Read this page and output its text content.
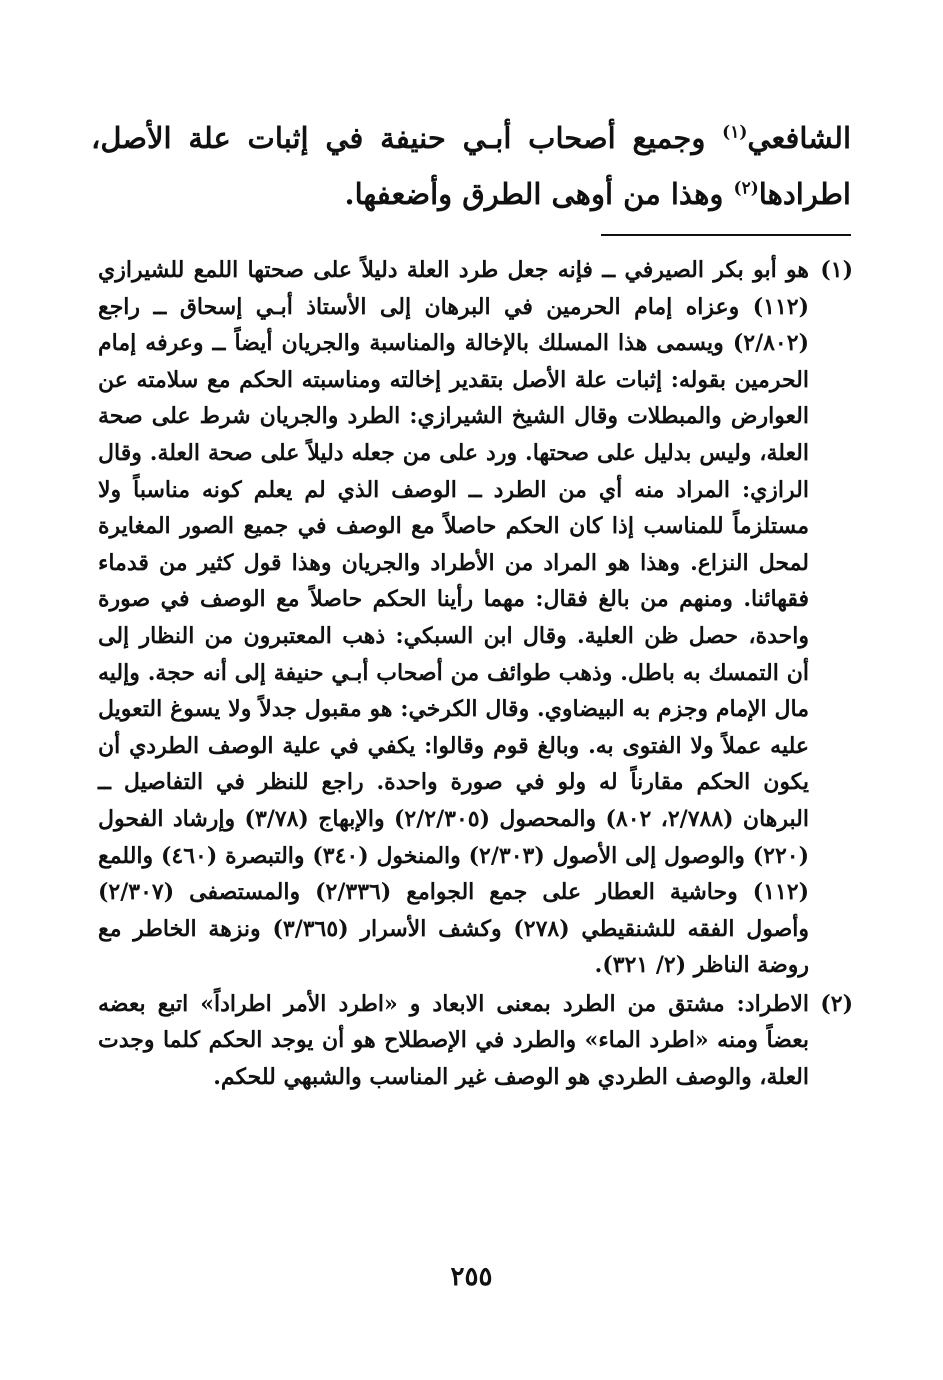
الشافعي$^{(١)}$ وجميع أصحاب أبـي حنيفة في إثبات علة الأصل، اطرادها$^{(٢)}$ وهذا من أوهى الطرق وأضعفها.
(١)
هو أبو بكر الصيرفي ــ فإنه جعل طرد العلة دليلاً على صحتها اللمع للشيرازي (١١٢) وعزاه إمام الحرمين في البرهان إلى الأستاذ أبـي إسحاق ــ راجع (٢/٨٠٢) ويسمى هذا المسلك بالإخالة والمناسبة والجريان أيضاً ــ وعرفه إمام الحرمين بقوله: إثبات علة الأصل بتقدير إخالته ومناسبته الحكم مع سلامته عن العوارض والمبطلات وقال الشيخ الشيرازي: الطرد والجريان شرط على صحة العلة، وليس بدليل على صحتها. ورد على من جعله دليلاً على صحة العلة. وقال الرازي: المراد منه أي من الطرد ــ الوصف الذي لم يعلم كونه مناسباً ولا مستلزماً للمناسب إذا كان الحكم حاصلاً مع الوصف في جميع الصور المغايرة لمحل النزاع. وهذا هو المراد من الأطراد والجريان وهذا قول كثير من قدماء فقهائنا. ومنهم من بالغ فقال: مهما رأينا الحكم حاصلاً مع الوصف في صورة واحدة، حصل ظن العلية. وقال ابن السبكي: ذهب المعتبرون من النظار إلى أن التمسك به باطل. وذهب طوائف من أصحاب أبـي حنيفة إلى أنه حجة. وإليه مال الإمام وجزم به البيضاوي. وقال الكرخي: هو مقبول جدلاً ولا يسوغ التعويل عليه عملاً ولا الفتوى به. وبالغ قوم وقالوا: يكفي في علية الوصف الطردي أن يكون الحكم مقارناً له ولو في صورة واحدة. راجع للنظر في التفاصيل ــ البرهان (٢/٧٨٨، ٨٠٢) والمحصول (٢/٢/٣٠٥) والإبهاج (٣/٧٨) وإرشاد الفحول (٢٢٠) والوصول إلى الأصول (٢/٣٠٣) والمنخول (٣٤٠) والتبصرة (٤٦٠) واللمع (١١٢) وحاشية العطار على جمع الجوامع (٢/٣٣٦) والمستصفى (٢/٣٠٧) وأصول الفقه للشنقيطي (٢٧٨) وكشف الأسرار (٣/٣٦٥) ونزهة الخاطر مع روضة الناظر (٢/ ٣٢١).
(٢)
الاطراد: مشتق من الطرد بمعنى الابعاد و «اطرد الأمر اطراداً» اتبع بعضه بعضاً ومنه «اطرد الماء» والطرد في الإصطلاح هو أن يوجد الحكم كلما وجدت العلة، والوصف الطردي هو الوصف غير المناسب والشبهي للحكم.
٢٥٥
